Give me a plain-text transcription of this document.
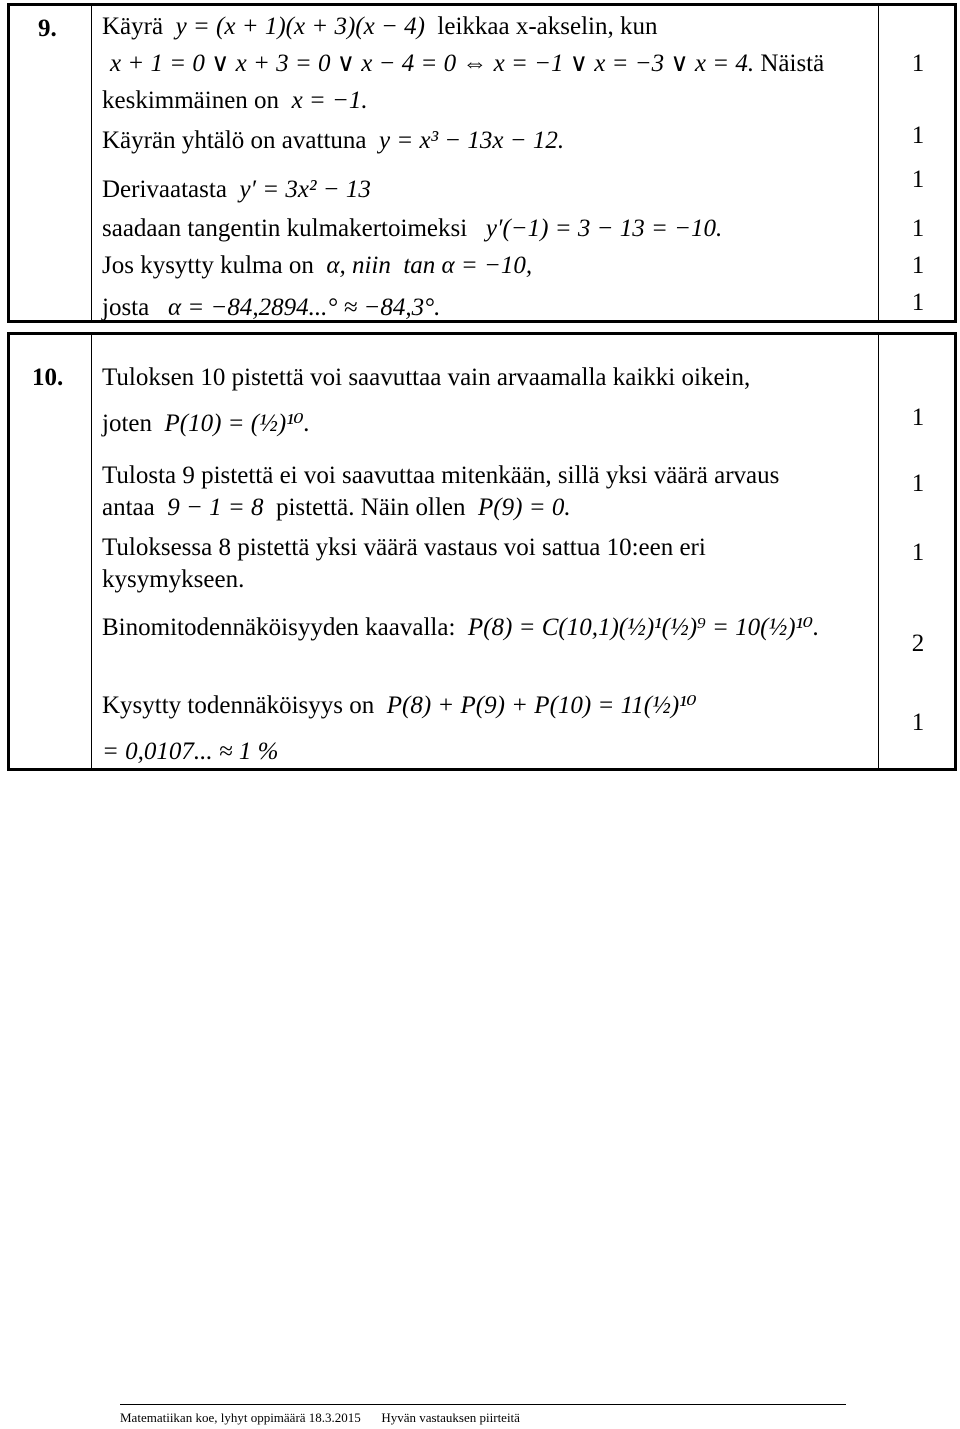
9. Käyrä y = (x + 1)(x + 3)(x − 4) leikkaa x-akselin, kun
x + 1 = 0 ∨ x + 3 = 0 ∨ x − 4 = 0 ⇔ x = −1 ∨ x = −3 ∨ x = 4. Näistä
keskimmäinen on x = −1.
Käyrän yhtälö on avattuna y = x³ − 13x − 12.
Derivaatasta y′ = 3x² − 13
saadaan tangentin kulmakertoimeksi y′(−1) = 3 − 13 = −10.
Jos kysytty kulma on α, niin tan α = −10,
josta α = −84,2894...° ≈ −84,3°.
1
1
1
1
1
1
10. Tuloksen 10 pistettä voi saavuttaa vain arvaamalla kaikki oikein,
joten P(10) = (½)¹⁰.
Tulosta 9 pistettä ei voi saavuttaa mitenkään, sillä yksi väärä arvaus
antaa 9 − 1 = 8 pistettä. Näin ollen P(9) = 0.
Tuloksessa 8 pistettä yksi väärä vastaus voi sattua 10:een eri
kysymykseen.
Binomitodennäköisyyden kaavalla: P(8) = C(10,1)(½)¹(½)⁹ = 10(½)¹⁰.
Kysytty todennäköisyys on P(8) + P(9) + P(10) = 11(½)¹⁰
= 0,0107... ≈ 1 %
1
1
1
2
1
Matematiikan koe, lyhyt oppimäärä 18.3.2015 Hyvän vastauksen piirteitä
